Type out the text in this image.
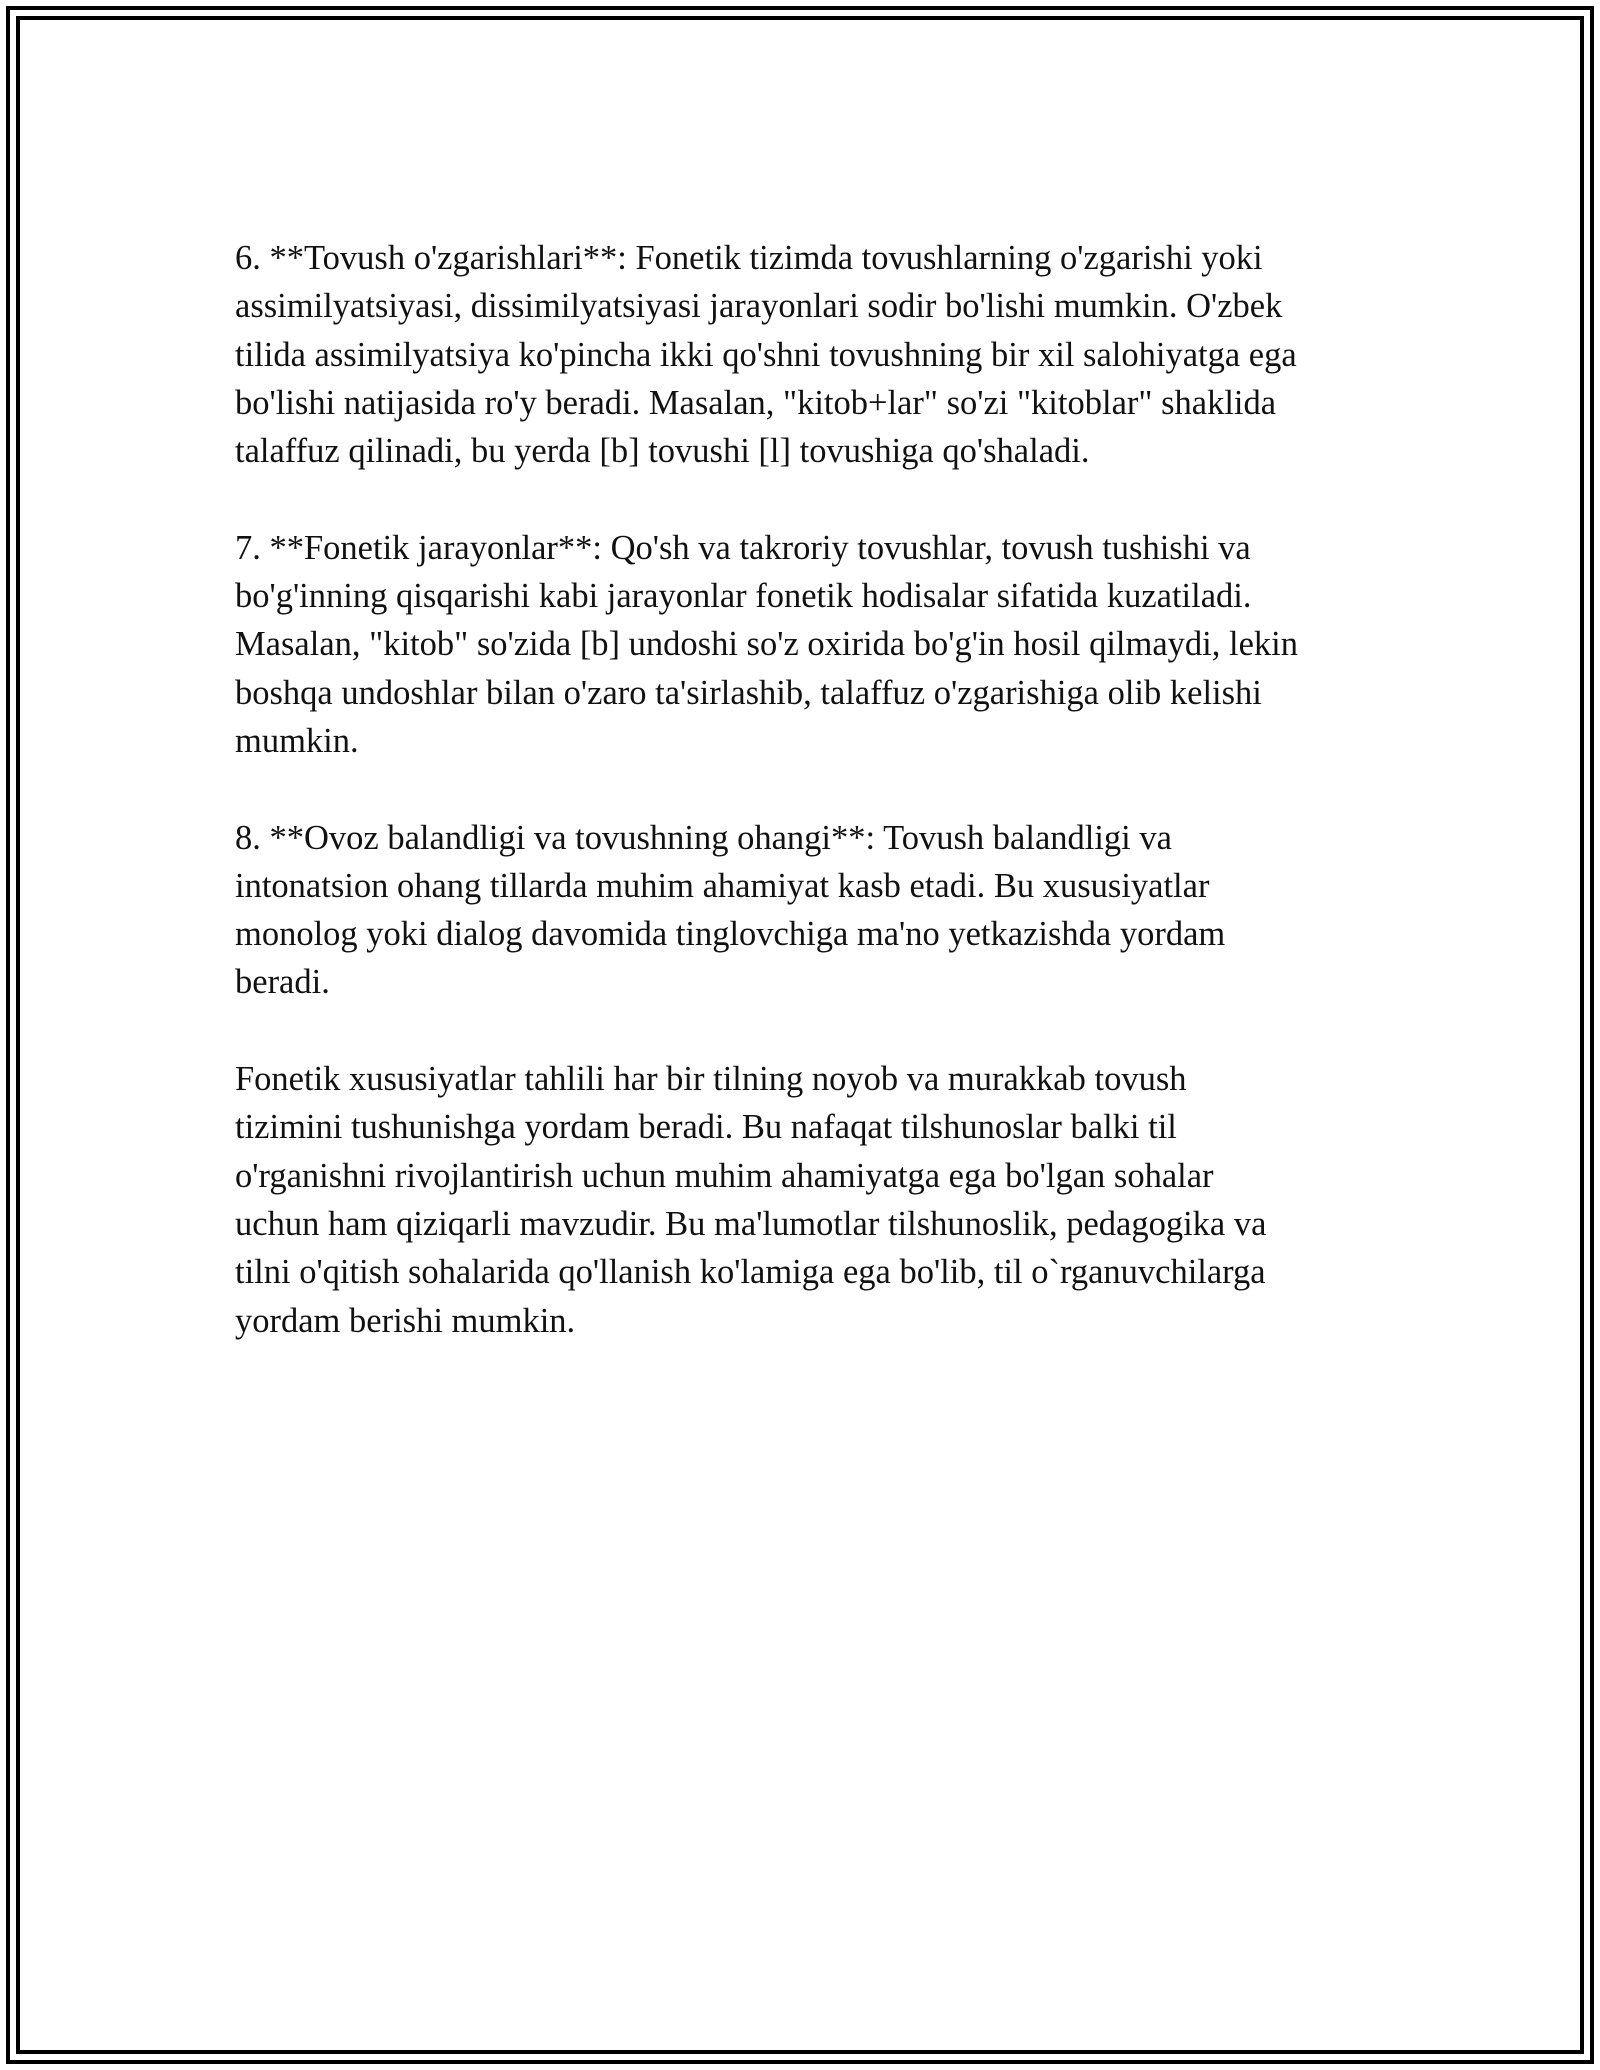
6. **Tovush o'zgarishlari**: Fonetik tizimda tovushlarning o'zgarishi yoki
assimilyatsiyasi, dissimilyatsiyasi jarayonlari sodir bo'lishi mumkin. O'zbek
tilida assimilyatsiya ko'pincha ikki qo'shni tovushning bir xil salohiyatga ega
bo'lishi natijasida ro'y beradi. Masalan, "kitob+lar" so'zi "kitoblar" shaklida
talaffuz qilinadi, bu yerda [b] tovushi [l] tovushiga qo'shaladi.

7. **Fonetik jarayonlar**: Qo'sh va takroriy tovushlar, tovush tushishi va
bo'g'inning qisqarishi kabi jarayonlar fonetik hodisalar sifatida kuzatiladi.
Masalan, "kitob" so'zida [b] undoshi so'z oxirida bo'g'in hosil qilmaydi, lekin
boshqa undoshlar bilan o'zaro ta'sirlashib, talaffuz o'zgarishiga olib kelishi
mumkin.

8. **Ovoz balandligi va tovushning ohangi**: Tovush balandligi va
intonatsion ohang tillarda muhim ahamiyat kasb etadi. Bu xususiyatlar
monolog yoki dialog davomida tinglovchiga ma'no yetkazishda yordam
beradi.

Fonetik xususiyatlar tahlili har bir tilning noyob va murakkab tovush
tizimini tushunishga yordam beradi. Bu nafaqat tilshunoslar balki til
o'rganishni rivojlantirish uchun muhim ahamiyatga ega bo'lgan sohalar
uchun ham qiziqarli mavzudir. Bu ma'lumotlar tilshunoslik, pedagogika va
tilni o'qitish sohalarida qo'llanish ko'lamiga ega bo'lib, til o`rganuvchilarga
yordam berishi mumkin.
